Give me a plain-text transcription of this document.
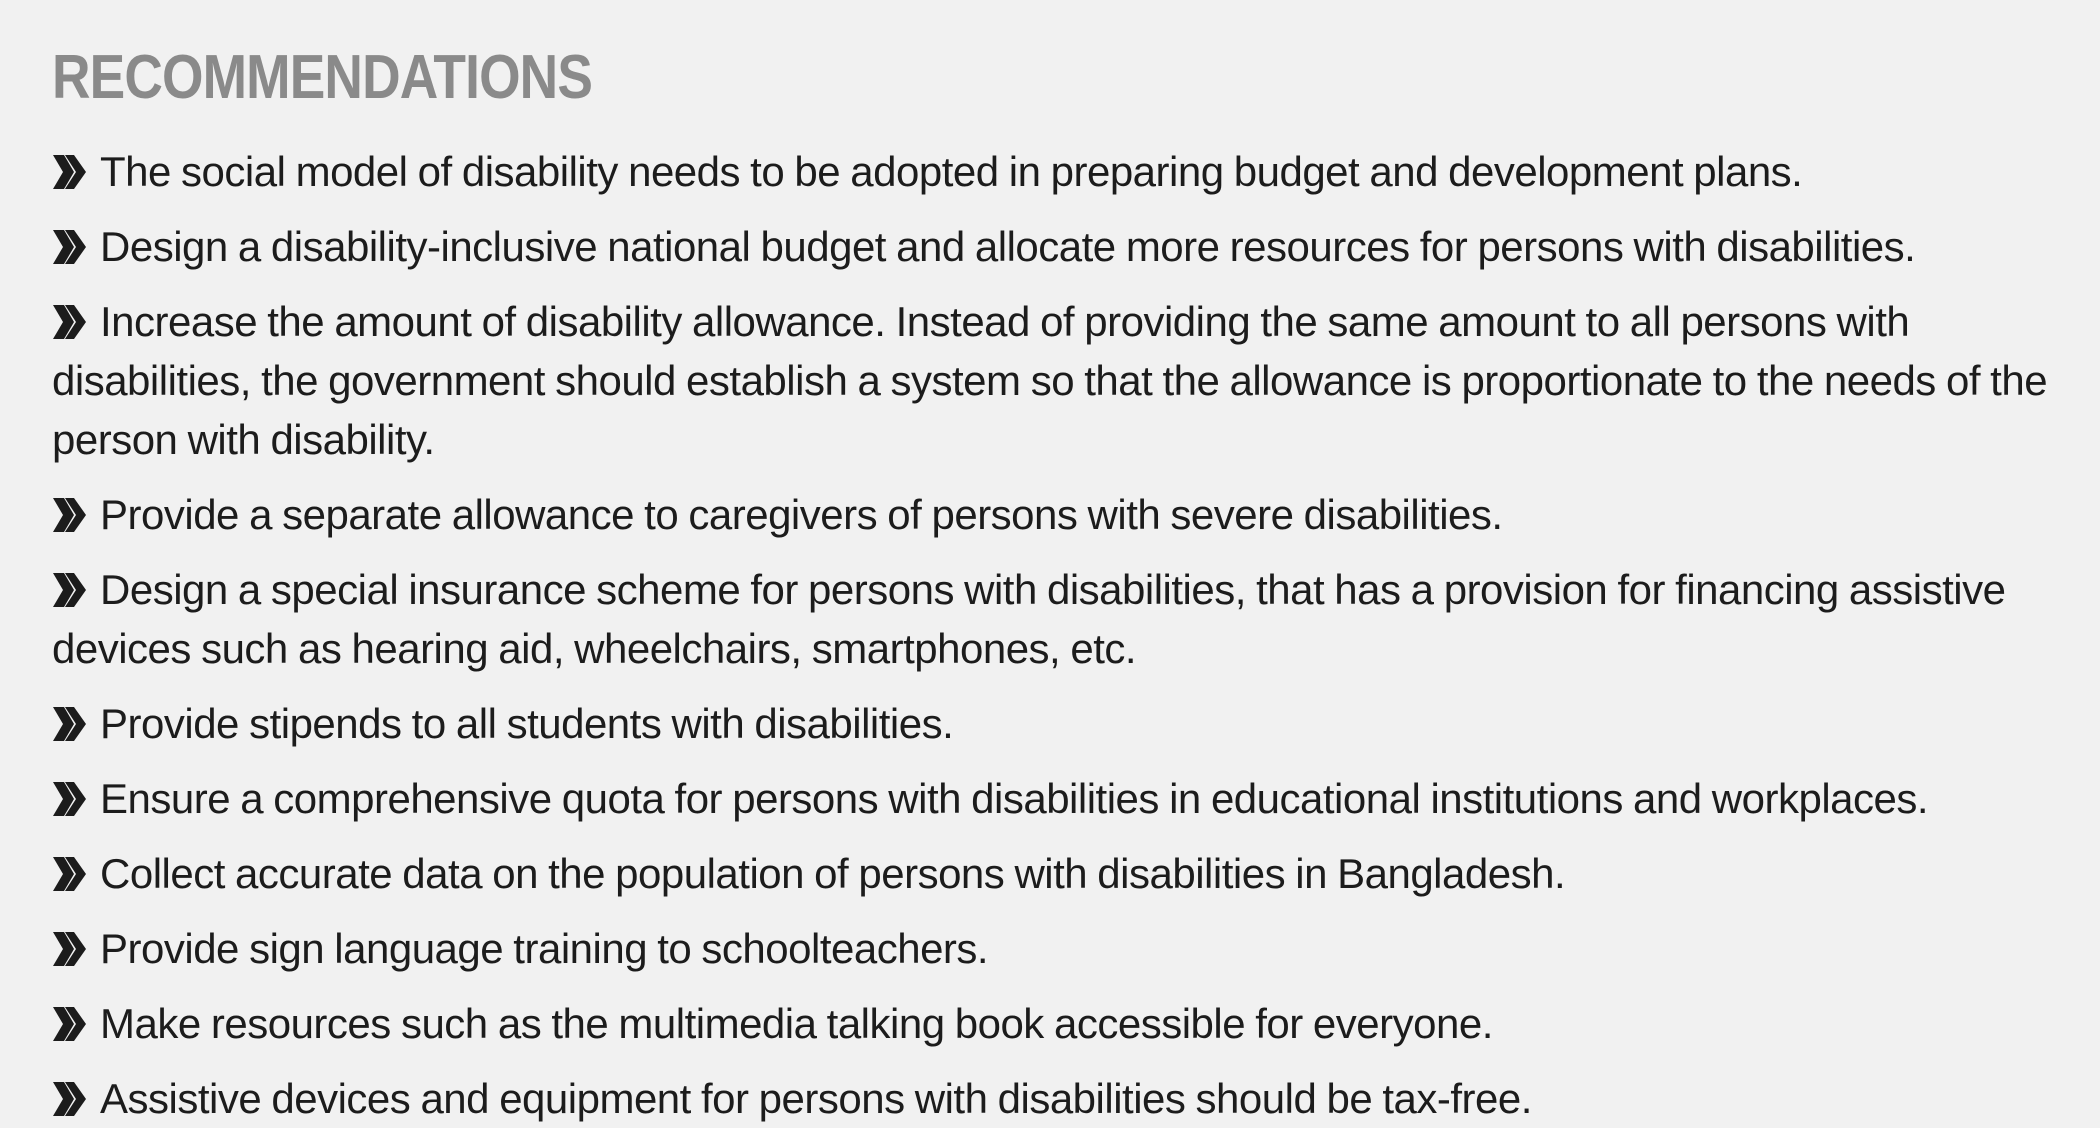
RECOMMENDATIONS
The social model of disability needs to be adopted in preparing budget and development plans.
Design a disability-inclusive national budget and allocate more resources for persons with disabilities.
Increase the amount of disability allowance. Instead of providing the same amount to all persons with disabilities, the government should establish a system so that the allowance is proportionate to the needs of the person with disability.
Provide a separate allowance to caregivers of persons with severe disabilities.
Design a special insurance scheme for persons with disabilities, that has a provision for financing assistive devices such as hearing aid, wheelchairs, smartphones, etc.
Provide stipends to all students with disabilities.
Ensure a comprehensive quota for persons with disabilities in educational institutions and workplaces.
Collect accurate data on the population of persons with disabilities in Bangladesh.
Provide sign language training to schoolteachers.
Make resources such as the multimedia talking book accessible for everyone.
Assistive devices and equipment for persons with disabilities should be tax-free.
